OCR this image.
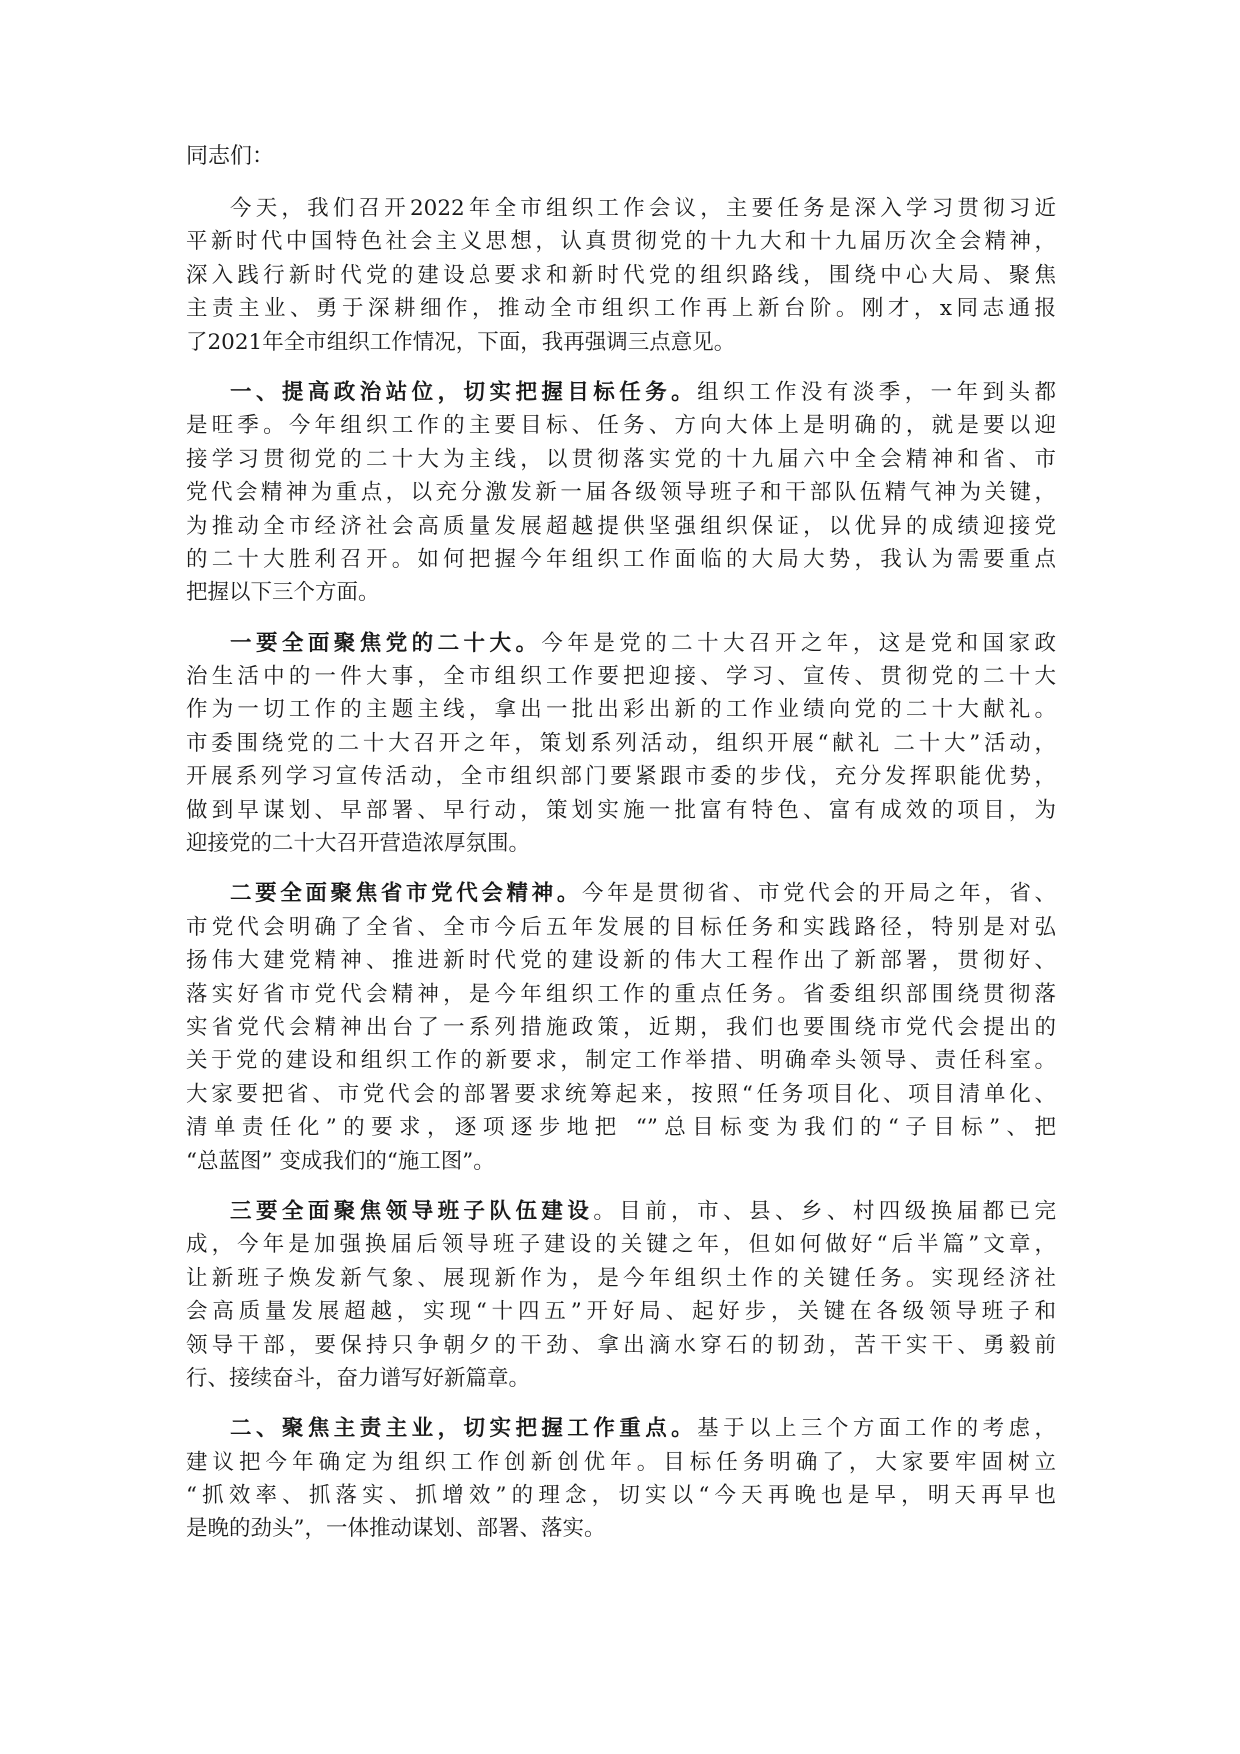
同志们：
今天，我们召开2022年全市组织工作会议，主要任务是深入学习贯彻习近
平新时代中国特色社会主义思想，认真贯彻党的十九大和十九届历次全会精神，
深入践行新时代党的建设总要求和新时代党的组织路线，围绕中心大局、聚焦
主责主业、勇于深耕细作，推动全市组织工作再上新台阶。刚才，x同志通报
了2021年全市组织工作情况，下面，我再强调三点意见。
一、提高政治站位，切实把握目标任务。组织工作没有淡季，一年到头都
是旺季。今年组织工作的主要目标、任务、方向大体上是明确的，就是要以迎
接学习贯彻党的二十大为主线，以贯彻落实党的十九届六中全会精神和省、市
党代会精神为重点，以充分激发新一届各级领导班子和干部队伍精气神为关键，
为推动全市经济社会高质量发展超越提供坚强组织保证，以优异的成绩迎接党
的二十大胜利召开。如何把握今年组织工作面临的大局大势，我认为需要重点
把握以下三个方面。
一要全面聚焦党的二十大。今年是党的二十大召开之年，这是党和国家政
治生活中的一件大事，全市组织工作要把迎接、学习、宣传、贯彻党的二十大
作为一切工作的主题主线，拿出一批出彩出新的工作业绩向党的二十大献礼。
市委围绕党的二十大召开之年，策划系列活动，组织开展“献礼 二十大”活动，
开展系列学习宣传活动，全市组织部门要紧跟市委的步伐，充分发挥职能优势，
做到早谋划、早部署、早行动，策划实施一批富有特色、富有成效的项目，为
迎接党的二十大召开营造浓厚氛围。
二要全面聚焦省市党代会精神。今年是贯彻省、市党代会的开局之年，省、
市党代会明确了全省、全市今后五年发展的目标任务和实践路径，特别是对弘
扬伟大建党精神、推进新时代党的建设新的伟大工程作出了新部署，贯彻好、
落实好省市党代会精神，是今年组织工作的重点任务。省委组织部围绕贯彻落
实省党代会精神出台了一系列措施政策，近期，我们也要围绕市党代会提出的
关于党的建设和组织工作的新要求，制定工作举措、明确牵头领导、责任科室。
大家要把省、市党代会的部署要求统筹起来，按照“任务项目化、项目清单化、
清单责任化”的要求，逐项逐步地把 “”总目标变为我们的“子目标”、把
“总蓝图” 变成我们的“施工图”。
三要全面聚焦领导班子队伍建设。目前，市、县、乡、村四级换届都已完
成，今年是加强换届后领导班子建设的关键之年，但如何做好“后半篇”文章，
让新班子焕发新气象、展现新作为，是今年组织土作的关键任务。实现经济社
会高质量发展超越，实现“十四五”开好局、起好步，关键在各级领导班子和
领导干部，要保持只争朝夕的干劲、拿出滴水穿石的韧劲，苦干实干、勇毅前
行、接续奋斗，奋力谱写好新篇章。
二、聚焦主责主业，切实把握工作重点。基于以上三个方面工作的考虑，
建议把今年确定为组织工作创新创优年。目标任务明确了，大家要牢固树立
“抓效率、抓落实、抓增效”的理念，切实以“今天再晚也是早，明天再早也
是晚的劲头”，一体推动谋划、部署、落实。
